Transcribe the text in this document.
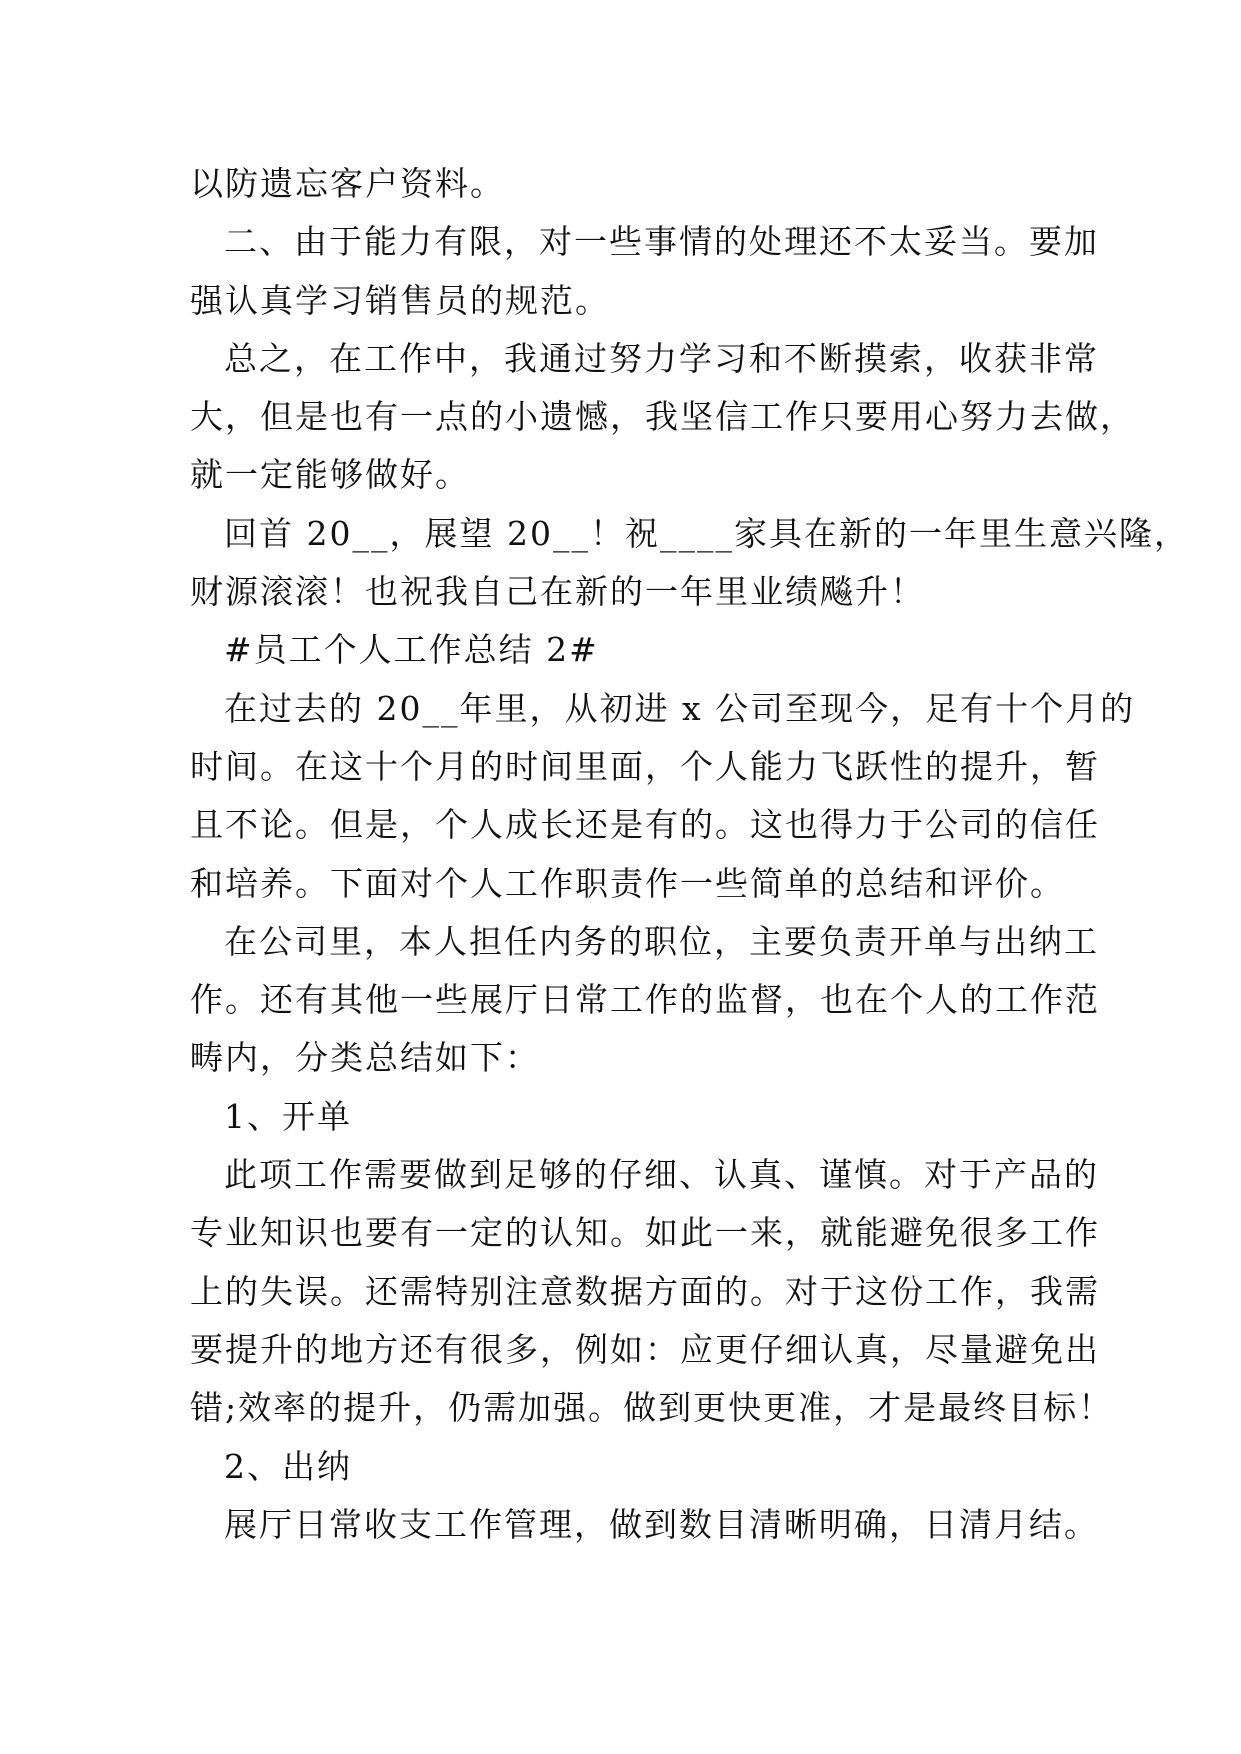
以防遗忘客户资料。
二、由于能力有限，对一些事情的处理还不太妥当。要加
强认真学习销售员的规范。
总之，在工作中，我通过努力学习和不断摸索，收获非常
大，但是也有一点的小遗憾，我坚信工作只要用心努力去做，
就一定能够做好。
回首 20__，展望 20__！祝____家具在新的一年里生意兴隆，
财源滚滚！也祝我自己在新的一年里业绩飚升！
#员工个人工作总结 2#
在过去的 20__年里，从初进 x 公司至现今，足有十个月的
时间。在这十个月的时间里面，个人能力飞跃性的提升，暂
且不论。但是，个人成长还是有的。这也得力于公司的信任
和培养。下面对个人工作职责作一些简单的总结和评价。
在公司里，本人担任内务的职位，主要负责开单与出纳工
作。还有其他一些展厅日常工作的监督，也在个人的工作范
畴内，分类总结如下：
1、开单
此项工作需要做到足够的仔细、认真、谨慎。对于产品的
专业知识也要有一定的认知。如此一来，就能避免很多工作
上的失误。还需特别注意数据方面的。对于这份工作，我需
要提升的地方还有很多，例如：应更仔细认真，尽量避免出
错;效率的提升，仍需加强。做到更快更准，才是最终目标！
2、出纳
展厅日常收支工作管理，做到数目清晰明确，日清月结。
